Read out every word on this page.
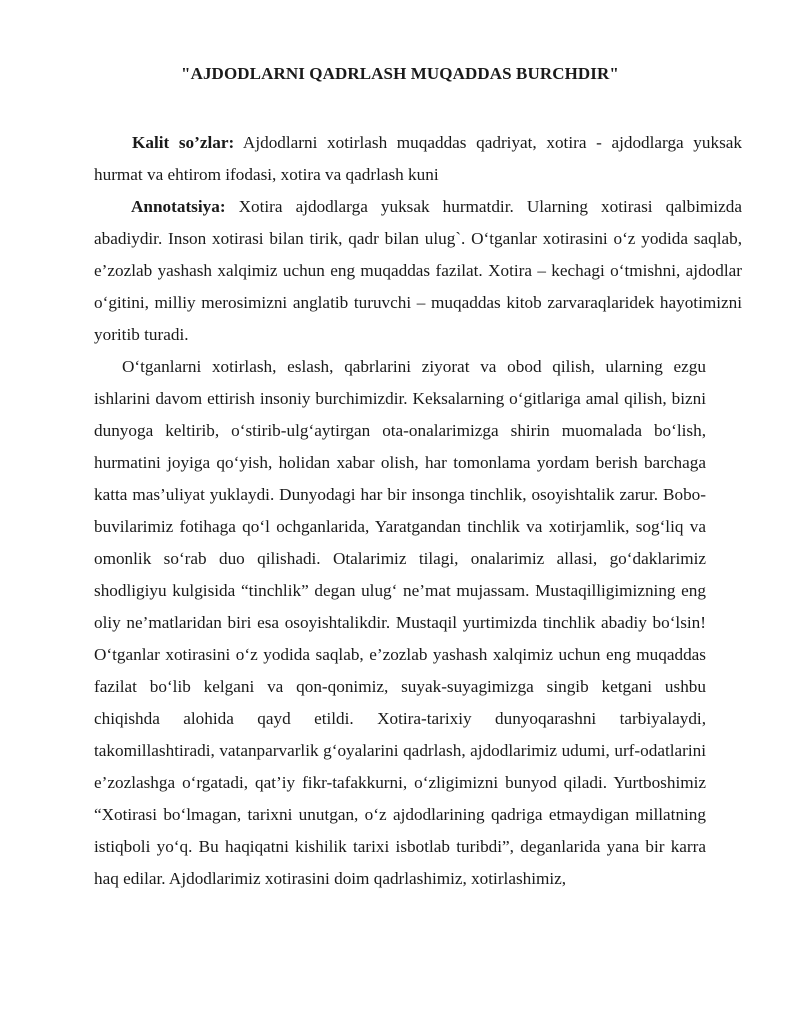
"AJDODLARNI QADRLASH MUQADDAS BURCHDIR"

Kalit so’zlar: Ajdodlarni xotirlash muqaddas qadriyat, xotira - ajdodlarga yuksak hurmat va ehtirom ifodasi, xotira va qadrlash kuni

Annotatsiya: Xotira ajdodlarga yuksak hurmatdir. Ularning xotirasi qalbimizda abadiydir. Inson xotirasi bilan tirik, qadr bilan ulug`. O‘tganlar xotirasini o‘z yodida saqlab, e’zozlab yashash xalqimiz uchun eng muqaddas fazilat. Xotira – kechagi o‘tmishni, ajdodlar o‘gitini, milliy merosimizni anglatib turuvchi – muqaddas kitob zarvaraqlaridek hayotimizni yoritib turadi.

O‘tganlarni xotirlash, eslash, qabrlarini ziyorat va obod qilish, ularning ezgu ishlarini davom ettirish insoniy burchimizdir. Keksalarning o‘gitlariga amal qilish, bizni dunyoga keltirib, o‘stirib-ulg‘aytirgan ota-onalarimizga shirin muomalada bo‘lish, hurmatini joyiga qo‘yish, holidan xabar olish, har tomonlama yordam berish barchaga katta mas’uliyat yuklaydi. Dunyodagi har bir insonga tinchlik, osoyishtalik zarur. Bobo-buvilarimiz fotihaga qo‘l ochganlarida, Yaratgandan tinchlik va xotirjamlik, sog‘liq va omonlik so‘rab duo qilishadi. Otalarimiz tilagi, onalarimiz allasi, go‘daklarimiz shodligiyu kulgisida “tinchlik” degan ulug‘ ne’mat mujassam. Mustaqilligimizning eng oliy ne’matlaridan biri esa osoyishtalikdir. Mustaqil yurtimizda tinchlik abadiy bo‘lsin! O‘tganlar xotirasini o‘z yodida saqlab, e’zozlab yashash xalqimiz uchun eng muqaddas fazilat bo‘lib kelgani va qon-qonimiz, suyak-suyagimizga singib ketgani ushbu chiqishda alohida qayd etildi. Xotira-tarixiy dunyoqarashni tarbiyalaydi, takomillashtiradi, vatanparvarlik g‘oyalarini qadrlash, ajdodlarimiz udumi, urf-odatlarini e’zozlashga o‘rgatadi, qat’iy fikr-tafakkurni, o‘zligimizni bunyod qiladi. Yurtboshimiz “Xotirasi bo‘lmagan, tarixni unutgan, o‘z ajdodlarining qadriga etmaydigan millatning istiqboli yo‘q. Bu haqiqatni kishilik tarixi isbotlab turibdi”, deganlarida yana bir karra haq edilar. Ajdodlarimiz xotirasini doim qadrlashimiz, xotirlashimiz,
